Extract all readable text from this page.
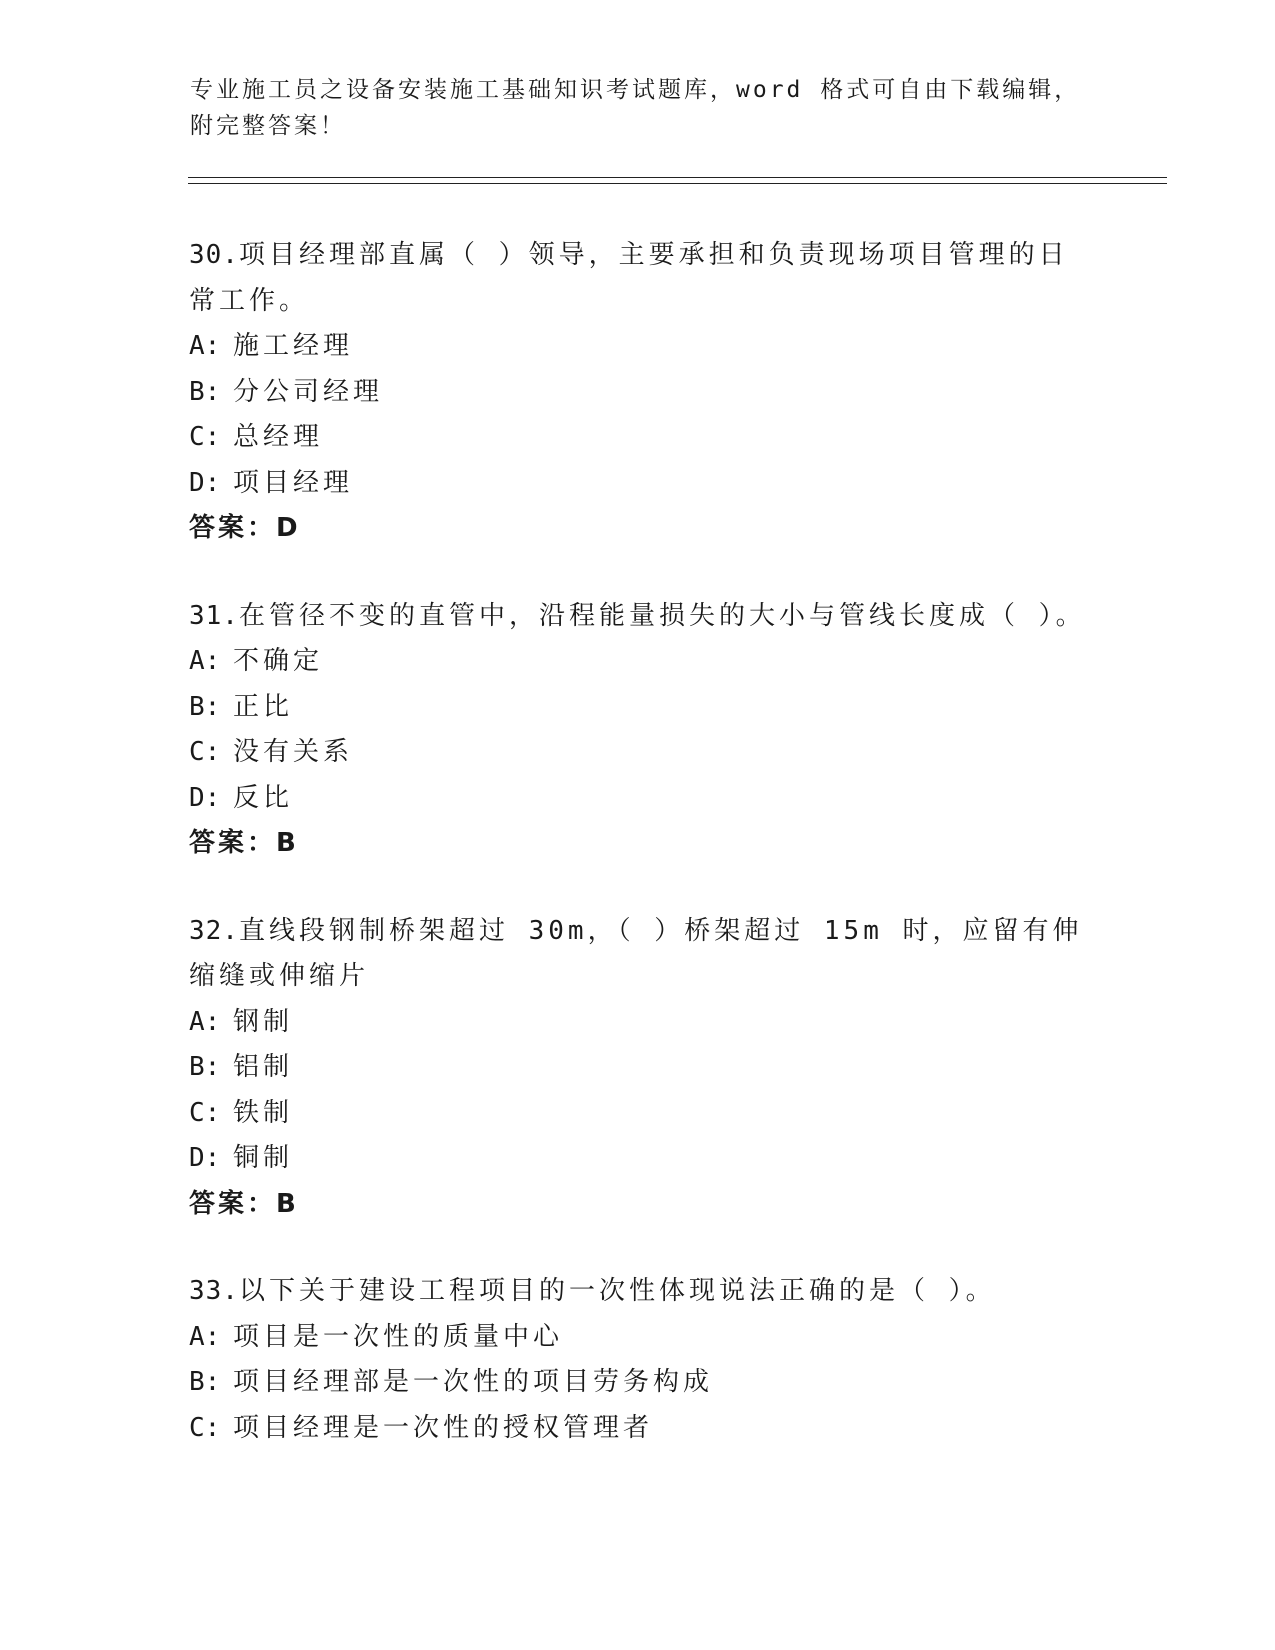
专业施工员之设备安装施工基础知识考试题库，word 格式可自由下载编辑，附完整答案！

30.项目经理部直属（ ）领导，主要承担和负责现场项目管理的日常工作。

A: 施工经理

B: 分公司经理

C: 总经理

D: 项目经理

答案：D

31.在管径不变的直管中，沿程能量损失的大小与管线长度成（ ）。

A: 不确定

B: 正比

C: 没有关系

D: 反比

答案：B

32.直线段钢制桥架超过 30m，（ ）桥架超过 15m 时，应留有伸缩缝或伸缩片

A: 钢制

B: 铝制

C: 铁制

D: 铜制

答案：B

33.以下关于建设工程项目的一次性体现说法正确的是（ ）。

A: 项目是一次性的质量中心

B: 项目经理部是一次性的项目劳务构成

C: 项目经理是一次性的授权管理者
